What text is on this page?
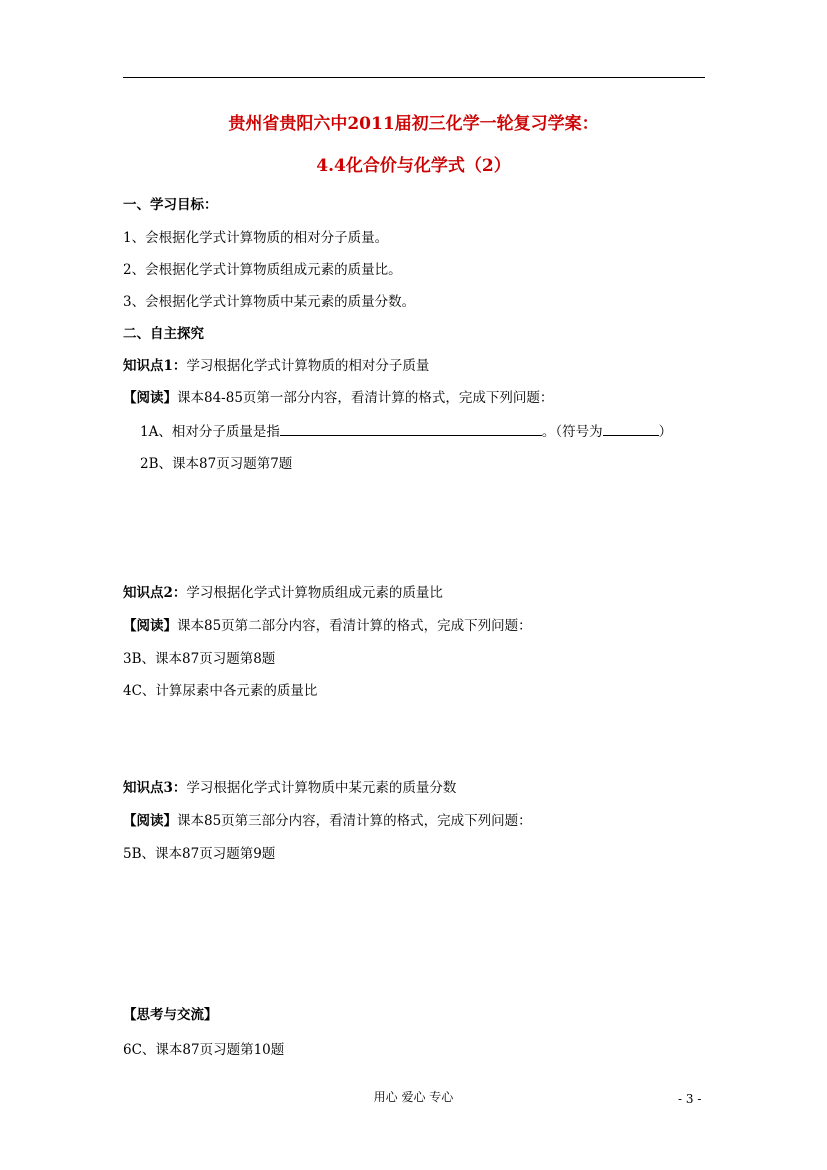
贵州省贵阳六中2011届初三化学一轮复习学案：
4.4化合价与化学式（2）
一、学习目标：
1、会根据化学式计算物质的相对分子质量。
2、会根据化学式计算物质组成元素的质量比。
3、会根据化学式计算物质中某元素的质量分数。
二、自主探究
知识点1：学习根据化学式计算物质的相对分子质量
【阅读】课本84-85页第一部分内容，看清计算的格式，完成下列问题：
1A、相对分子质量是指	。（符号为	）
2B、课本87页习题第7题
知识点2：学习根据化学式计算物质组成元素的质量比
【阅读】课本85页第二部分内容，看清计算的格式，完成下列问题：
3B、课本87页习题第8题
4C、计算尿素中各元素的质量比
知识点3：学习根据化学式计算物质中某元素的质量分数
【阅读】课本85页第三部分内容，看清计算的格式，完成下列问题：
5B、课本87页习题第9题
【思考与交流】
6C、课本87页习题第10题
用心 爱心 专心	- 3 -
